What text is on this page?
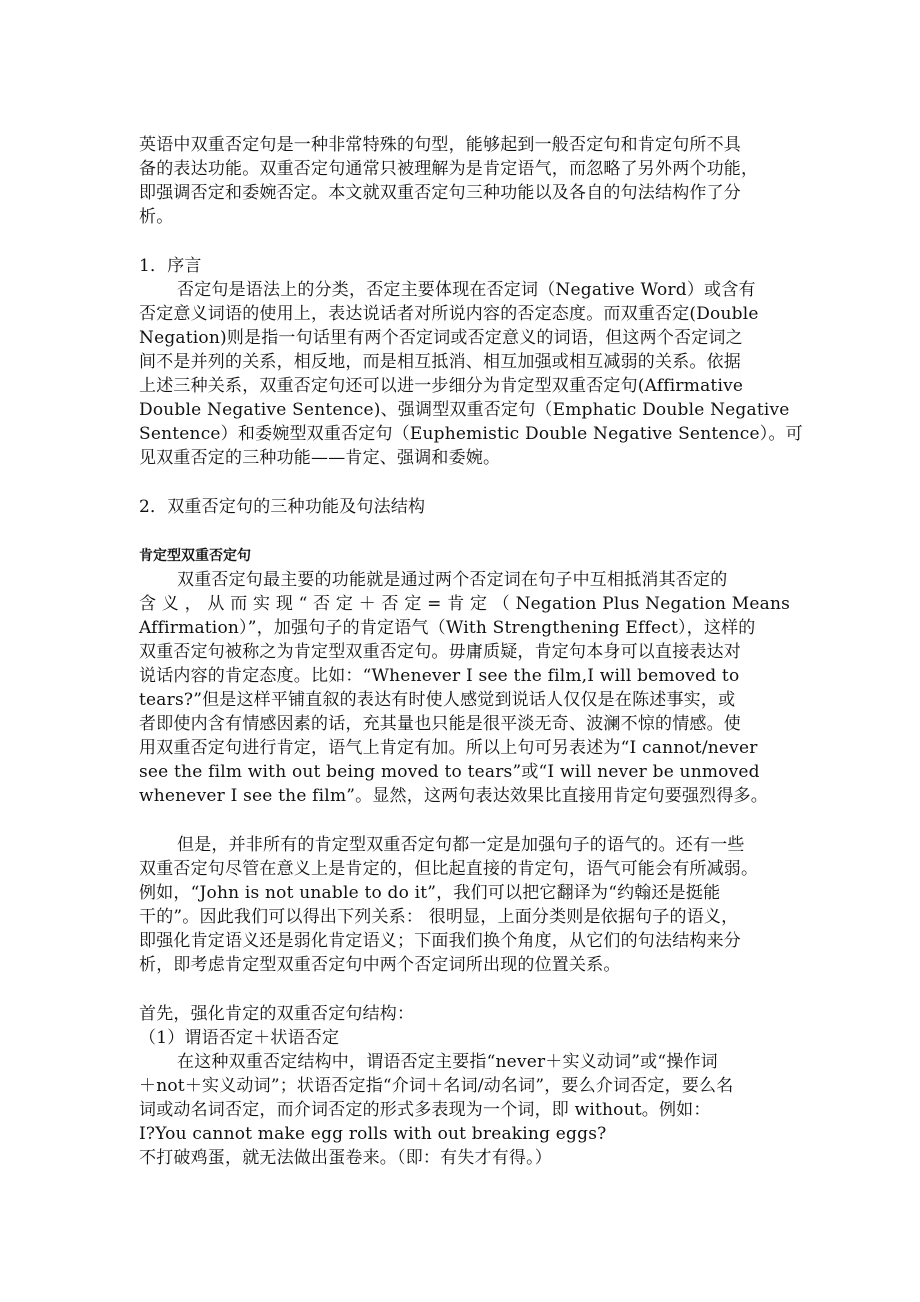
英语中双重否定句是一种非常特殊的句型，能够起到一般否定句和肯定句所不具
备的表达功能。双重否定句通常只被理解为是肯定语气，而忽略了另外两个功能，
即强调否定和委婉否定。本文就双重否定句三种功能以及各自的句法结构作了分
析。
1．序言
否定句是语法上的分类，否定主要体现在否定词（Negative Word）或含有
否定意义词语的使用上，表达说话者对所说内容的否定态度。而双重否定(Double
Negation)则是指一句话里有两个否定词或否定意义的词语，但这两个否定词之
间不是并列的关系，相反地，而是相互抵消、相互加强或相互减弱的关系。依据
上述三种关系，双重否定句还可以进一步细分为肯定型双重否定句(Affirmative
Double Negative Sentence)、强调型双重否定句（Emphatic Double Negative
Sentence）和委婉型双重否定句（Euphemistic Double Negative Sentence）。可
见双重否定的三种功能——肯定、强调和委婉。
2．双重否定句的三种功能及句法结构
肯定型双重否定句
双重否定句最主要的功能就是通过两个否定词在句子中互相抵消其否定的
含 义 ， 从 而 实 现 “ 否 定 ＋ 否 定 = 肯 定 （ Negation Plus Negation Means
Affirmation）”，加强句子的肯定语气（With Strengthening Effect），这样的
双重否定句被称之为肯定型双重否定句。毋庸质疑，肯定句本身可以直接表达对
说话内容的肯定态度。比如：“Whenever I see the film,I will bemoved to
tears?”但是这样平铺直叙的表达有时使人感觉到说话人仅仅是在陈述事实，或
者即使内含有情感因素的话，充其量也只能是很平淡无奇、波澜不惊的情感。使
用双重否定句进行肯定，语气上肯定有加。所以上句可另表述为“I cannot/never
see the film with out being moved to tears”或“I will never be unmoved
whenever I see the film”。显然，这两句表达效果比直接用肯定句要强烈得多。
但是，并非所有的肯定型双重否定句都一定是加强句子的语气的。还有一些
双重否定句尽管在意义上是肯定的，但比起直接的肯定句，语气可能会有所减弱。
例如，“John is not unable to do it”，我们可以把它翻译为“约翰还是挺能
干的”。因此我们可以得出下列关系： 很明显，上面分类则是依据句子的语义，
即强化肯定语义还是弱化肯定语义；下面我们换个角度，从它们的句法结构来分
析，即考虑肯定型双重否定句中两个否定词所出现的位置关系。
首先，强化肯定的双重否定句结构：
（1）谓语否定＋状语否定
在这种双重否定结构中，谓语否定主要指“never＋实义动词”或“操作词
＋not＋实义动词”；状语否定指“介词＋名词/动名词”，要么介词否定，要么名
词或动名词否定，而介词否定的形式多表现为一个词，即 without。例如：
Ⅰ?You cannot make egg rolls with out breaking eggs?
不打破鸡蛋，就无法做出蛋卷来。（即：有失才有得。）
